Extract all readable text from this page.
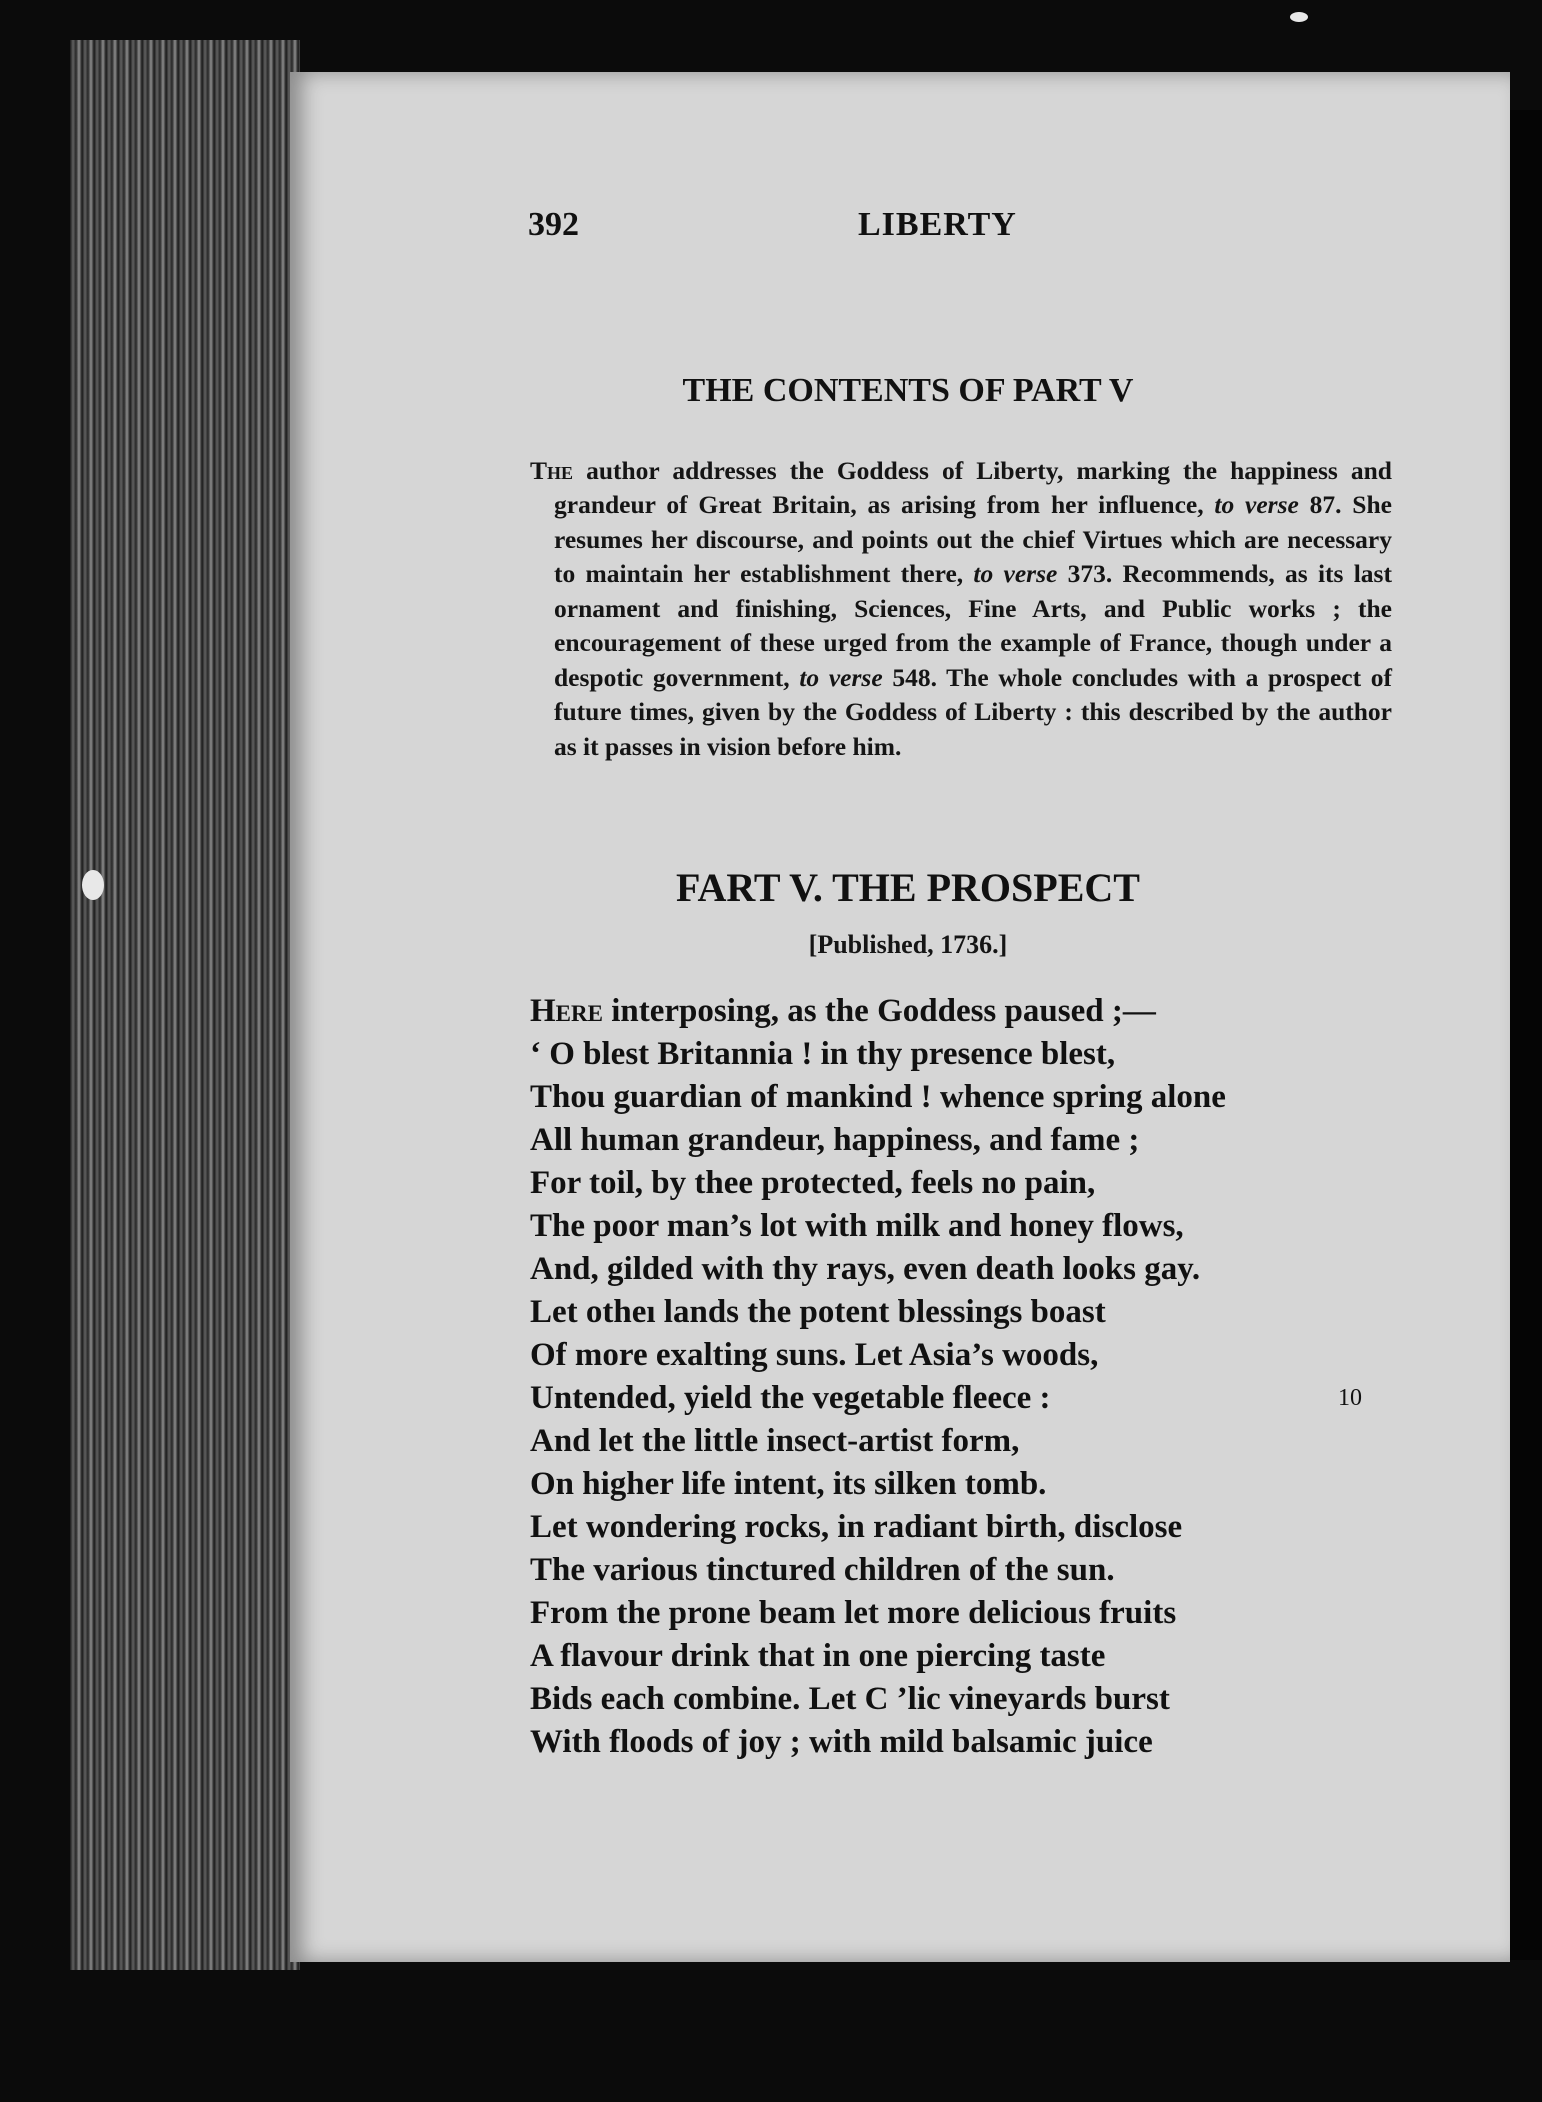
392	LIBERTY
THE CONTENTS OF PART V

The author addresses the Goddess of Liberty, marking the happiness and grandeur of Great Britain, as arising from her influence, to verse 87. She resumes her discourse, and points out the chief Virtues which are necessary to maintain her establishment there, to verse 373. Recommends, as its last ornament and finishing, Sciences, Fine Arts, and Public works ; the encouragement of these urged from the example of France, though under a despotic government, to verse 548. The whole concludes with a prospect of future times, given by the Goddess of Liberty : this described by the author as it passes in vision before him.

FART V. THE PROSPECT
[Published, 1736.]
Here interposing, as the Goddess paused ;—
‘ O blest Britannia ! in thy presence blest,
Thou guardian of mankind ! whence spring alone
All human grandeur, happiness, and fame ;
For toil, by thee protected, feels no pain,
The poor man’s lot with milk and honey flows,
And, gilded with thy rays, even death looks gay.
Let otheı lands the potent blessings boast
Of more exalting suns. Let Asia’s woods,
Untended, yield the vegetable fleece :	10
And let the little insect-artist form,
On higher life intent, its silken tomb.
Let wondering rocks, in radiant birth, disclose
The various tinctured children of the sun.
From the prone beam let more delicious fruits
A flavour drink that in one piercing taste
Bids each combine. Let C ’lic vineyards burst
With floods of joy ; with mild balsamic juice
